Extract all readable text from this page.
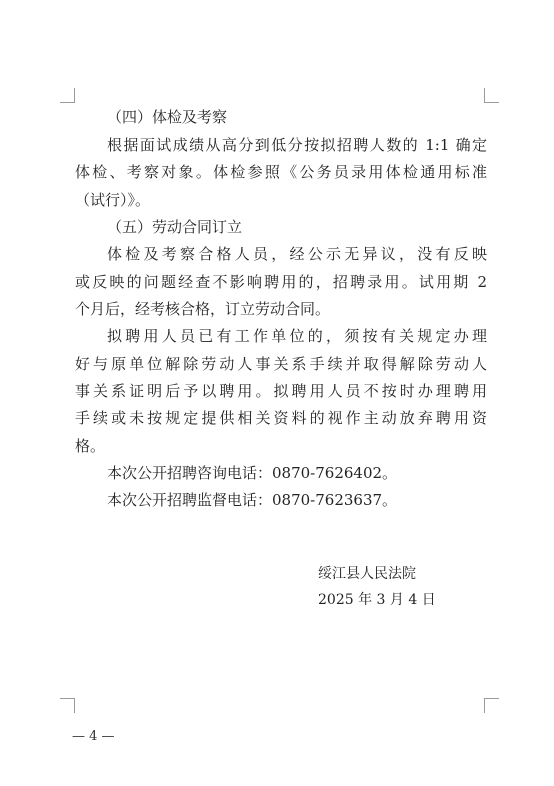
（四）体检及考察
根据面试成绩从高分到低分按拟招聘人数的 1:1 确定
体检、考察对象。体检参照《公务员录用体检通用标准
（试行）》。
（五）劳动合同订立
体检及考察合格人员，经公示无异议，没有反映
或反映的问题经查不影响聘用的，招聘录用。试用期 2
个月后，经考核合格，订立劳动合同。
拟聘用人员已有工作单位的，须按有关规定办理
好与原单位解除劳动人事关系手续并取得解除劳动人
事关系证明后予以聘用。拟聘用人员不按时办理聘用
手续或未按规定提供相关资料的视作主动放弃聘用资
格。
本次公开招聘咨询电话：0870-7626402。
本次公开招聘监督电话：0870-7623637。
绥江县人民法院
2025 年 3 月 4 日
— 4 —
